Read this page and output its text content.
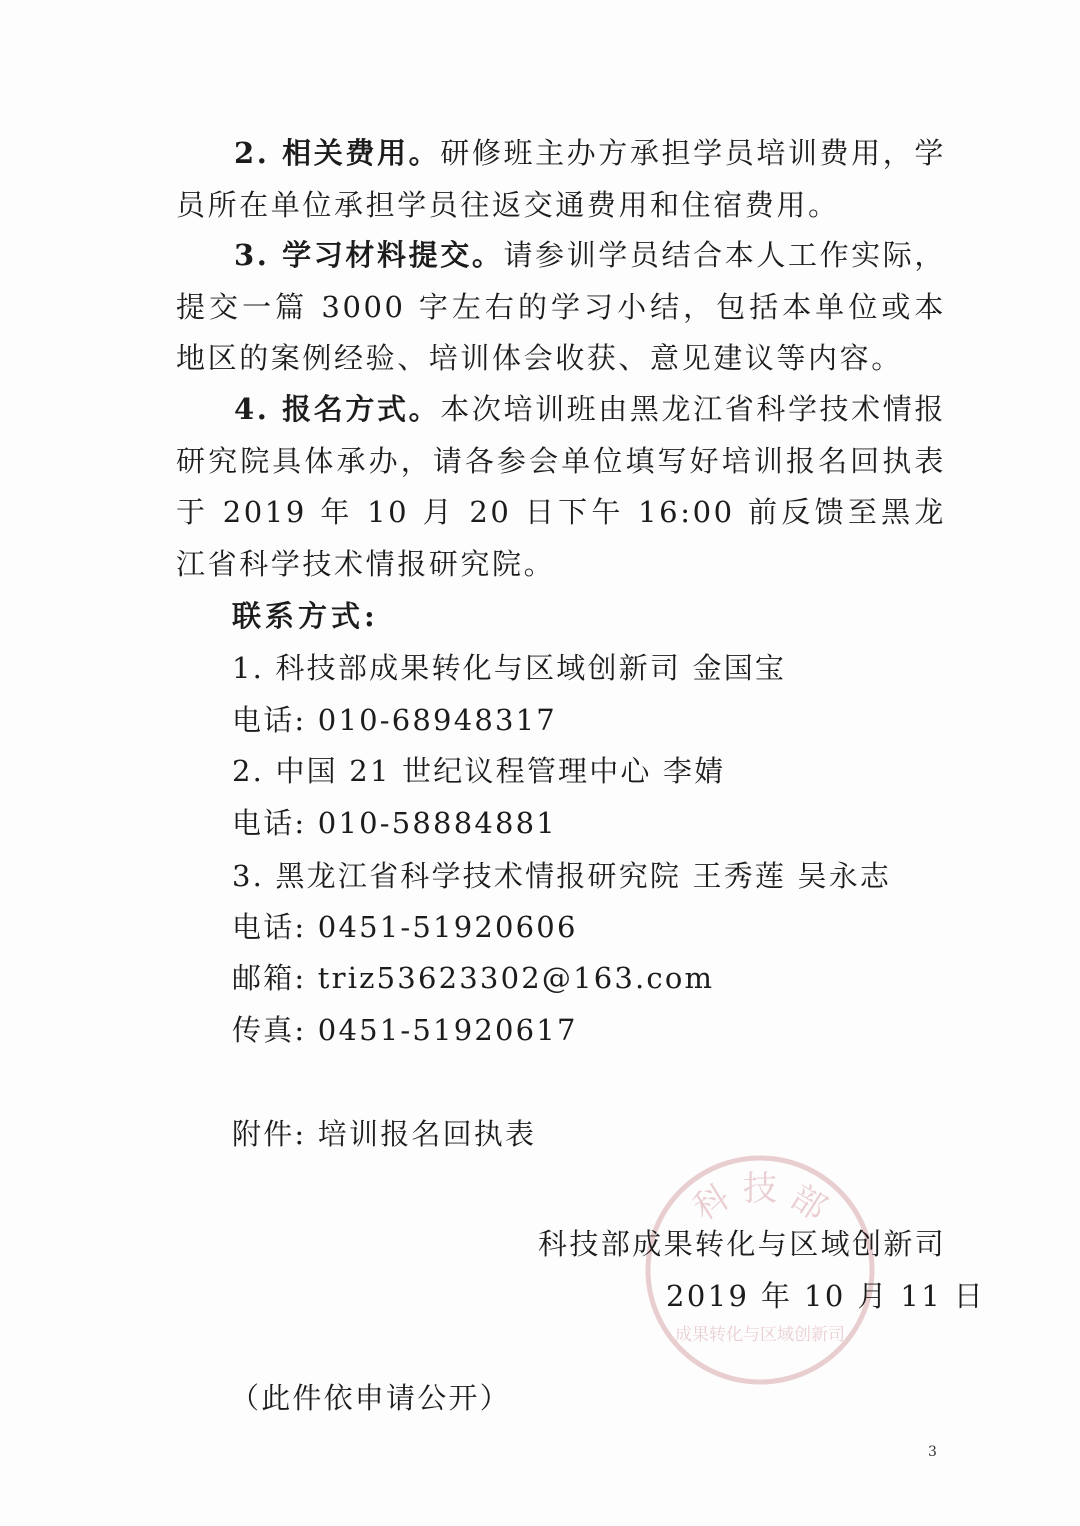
2. 相关费用。研修班主办方承担学员培训费用，学员所在单位承担学员往返交通费用和住宿费用。
3. 学习材料提交。请参训学员结合本人工作实际，提交一篇 3000 字左右的学习小结，包括本单位或本地区的案例经验、培训体会收获、意见建议等内容。
4. 报名方式。本次培训班由黑龙江省科学技术情报研究院具体承办，请各参会单位填写好培训报名回执表于 2019 年 10 月 20 日下午 16:00 前反馈至黑龙江省科学技术情报研究院。
联系方式:
1. 科技部成果转化与区域创新司 金国宝
电话: 010-68948317
2. 中国 21 世纪议程管理中心 李婧
电话: 010-58884881
3. 黑龙江省科学技术情报研究院 王秀莲 吴永志
电话: 0451-51920606
邮箱: triz53623302@163.com
传真: 0451-51920617
附件: 培训报名回执表
科 技 部
成果转化与区域创新司
科技部成果转化与区域创新司
2019 年 10 月 11 日
（此件依申请公开）
3
